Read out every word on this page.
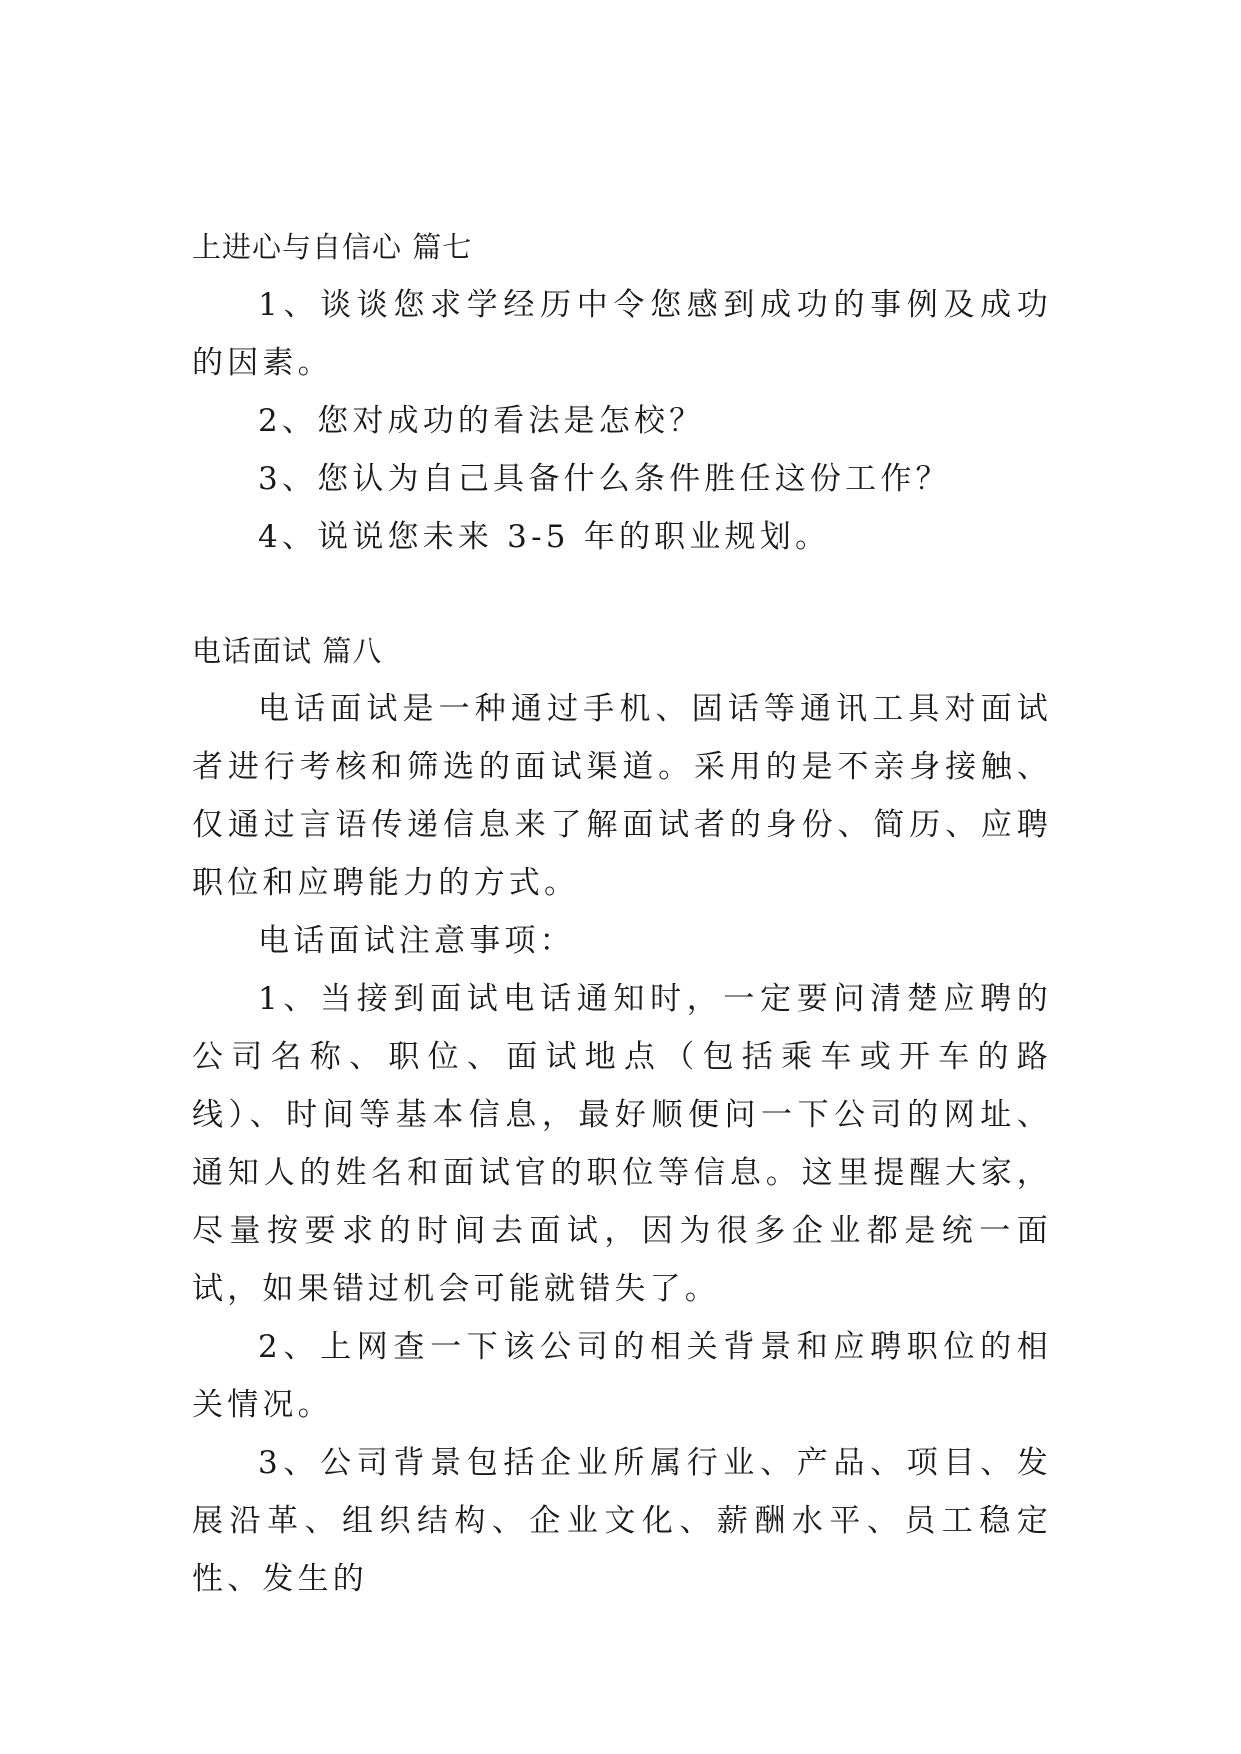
上进心与自信心 篇七

1、谈谈您求学经历中令您感到成功的事例及成功的因素。

2、您对成功的看法是怎校？

3、您认为自己具备什么条件胜任这份工作？

4、说说您未来 3-5 年的职业规划。

电话面试 篇八

电话面试是一种通过手机、固话等通讯工具对面试者进行考核和筛选的面试渠道。采用的是不亲身接触、仅通过言语传递信息来了解面试者的身份、简历、应聘职位和应聘能力的方式。

电话面试注意事项：

1、当接到面试电话通知时，一定要问清楚应聘的公司名称、职位、面试地点（包括乘车或开车的路线）、时间等基本信息，最好顺便问一下公司的网址、通知人的姓名和面试官的职位等信息。这里提醒大家，尽量按要求的时间去面试，因为很多企业都是统一面试，如果错过机会可能就错失了。

2、上网查一下该公司的相关背景和应聘职位的相关情况。

3、公司背景包括企业所属行业、产品、项目、发展沿革、组织结构、企业文化、薪酬水平、员工稳定性、发生的
